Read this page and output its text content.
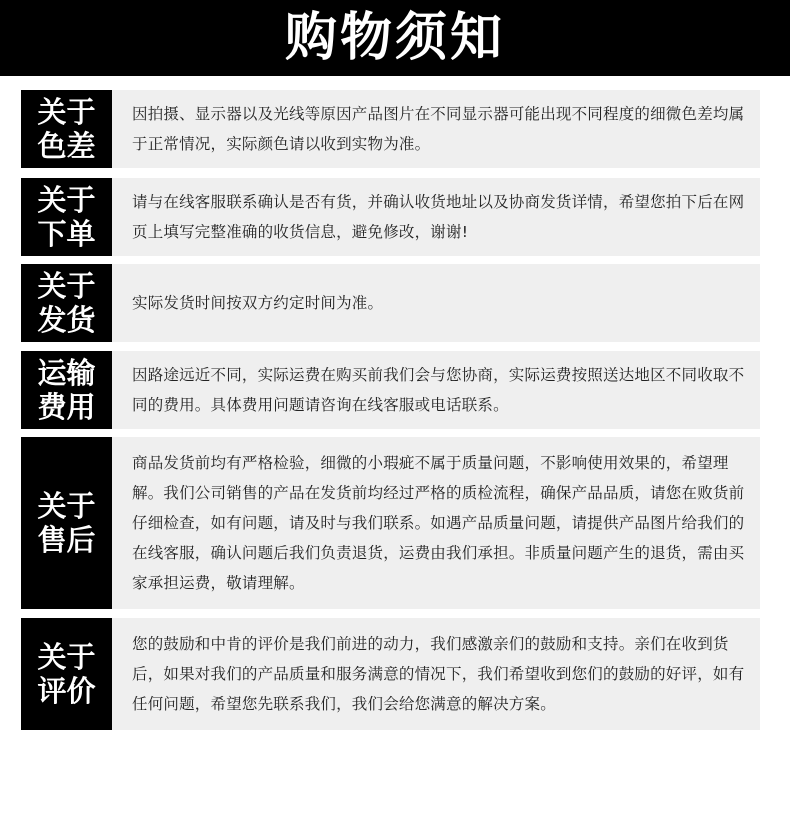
购物须知
关于
色差

因拍摄、显示器以及光线等原因产品图片在不同显示器可能出现不同程度的细微色差均属于正常情况，实际颜色请以收到实物为准。

关于
下单

请与在线客服联系确认是否有货，并确认收货地址以及协商发货详情，希望您拍下后在网页上填写完整准确的收货信息，避免修改，谢谢!

关于
发货 实际发货时间按双方约定时间为准。

运输
费用

因路途远近不同，实际运费在购买前我们会与您协商，实际运费按照送达地区不同收取不同的费用。具体费用问题请咨询在线客服或电话联系。

关于
售后

商品发货前均有严格检验，细微的小瑕疵不属于质量问题，不影响使用效果的，希望理解。我们公司销售的产品在发货前均经过严格的质检流程，确保产品品质，请您在败货前仔细检查，如有问题，请及时与我们联系。如遇产品质量问题，请提供产品图片给我们的在线客服，确认问题后我们负责退货，运费由我们承担。非质量问题产生的退货，需由买家承担运费，敬请理解。

关于
评价

您的鼓励和中肯的评价是我们前进的动力，我们感激亲们的鼓励和支持。亲们在收到货后，如果对我们的产品质量和服务满意的情况下，我们希望收到您们的鼓励的好评，如有任何问题，希望您先联系我们，我们会给您满意的解决方案。
